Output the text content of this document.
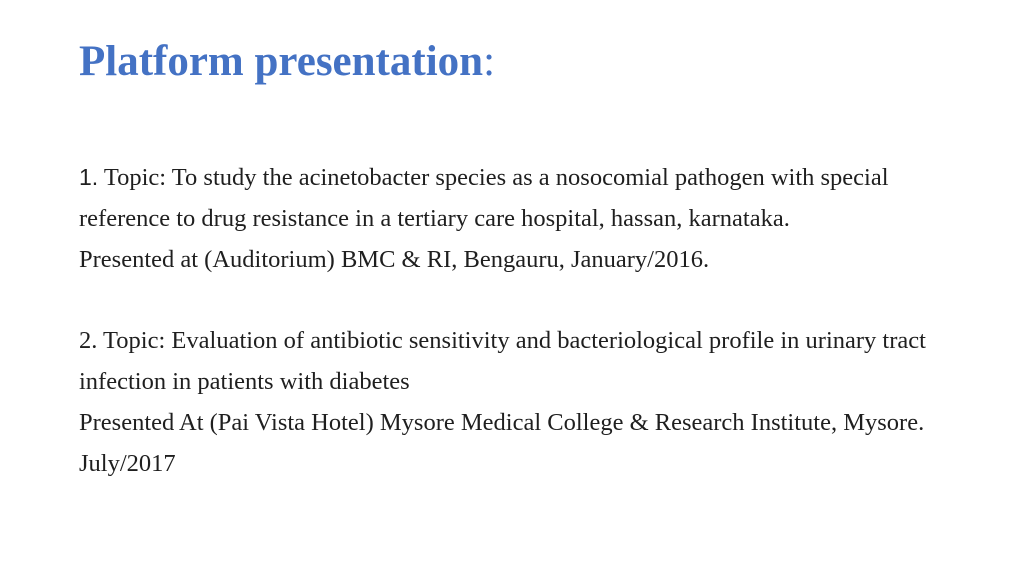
Platform presentation:

1. Topic: To study the acinetobacter species as a nosocomial pathogen with special reference to drug resistance in a tertiary care hospital, hassan, karnataka.

Presented at (Auditorium) BMC & RI, Bengauru, January/2016.

2. Topic: Evaluation of antibiotic sensitivity and bacteriological profile in urinary tract infection in patients with diabetes

Presented At (Pai Vista Hotel) Mysore Medical College & Research Institute, Mysore. July/2017
